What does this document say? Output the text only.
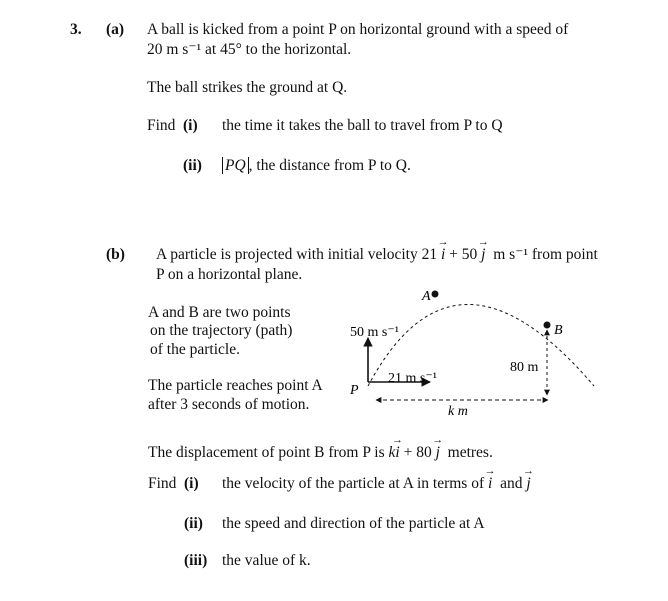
3. (a) A ball is kicked from a point P on horizontal ground with a speed of
20 m s⁻¹ at 45° to the horizontal.
The ball strikes the ground at Q.
Find (i) the time it takes the ball to travel from P to Q
(ii) PQ , the distance from P to Q.
(b) A particle is projected with initial velocity 21 → i + 50 → j m s⁻¹ from point
P on a horizontal plane.
A and B are two points
on the trajectory (path)
of the particle.
The particle reaches point A
after 3 seconds of motion.
A
B
P
50 m s⁻¹
21 m s⁻¹
80 m
k m
The displacement of point B from P is k→ i + 80 → j metres.
Find (i) the velocity of the particle at A in terms of → i and → j
(ii) the speed and direction of the particle at A
(iii) the value of k.
